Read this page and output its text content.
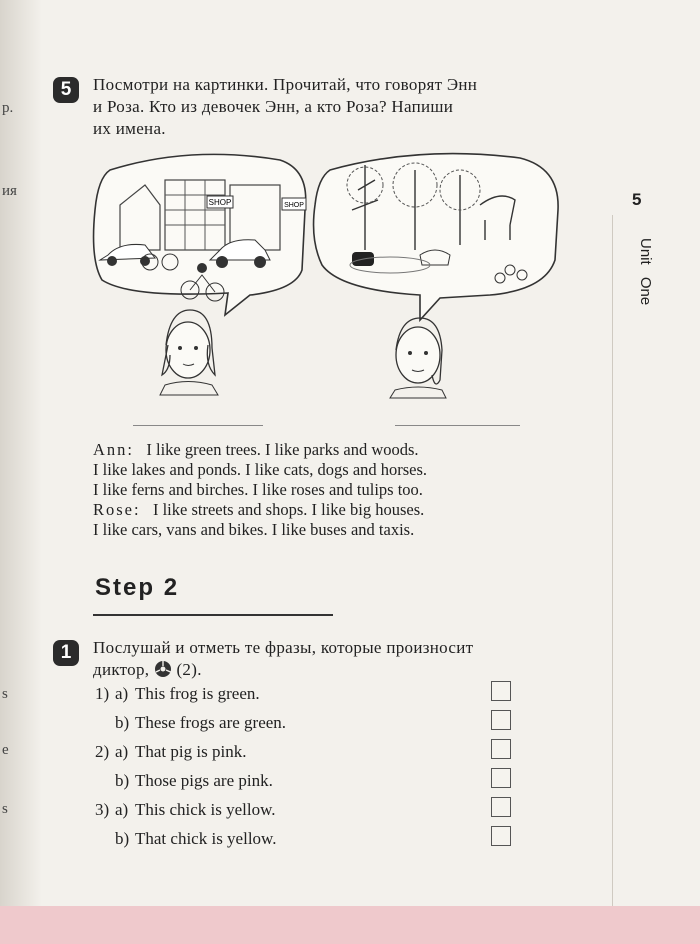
р.
ия
s
e
s
5
Unit One
5	Посмотри на картинки. Прочитай, что говорят Энн
и Роза. Кто из девочек Энн, а кто Роза? Напиши
их имена.
SHOP	SHOP

Ann: I like green trees. I like parks and woods.

I like lakes and ponds. I like cats, dogs and horses.

I like ferns and birches. I like roses and tulips too.

Rose: I like streets and shops. I like big houses.

I like cars, vans and bikes. I like buses and taxis.

Step 2
1	Послушай и отметь те фразы, которые произносит
диктор, (2).
1) a) This frog is green.
b) These frogs are green.
2) a) That pig is pink.
b) Those pigs are pink.
3) a) This chick is yellow.
b) That chick is yellow.
